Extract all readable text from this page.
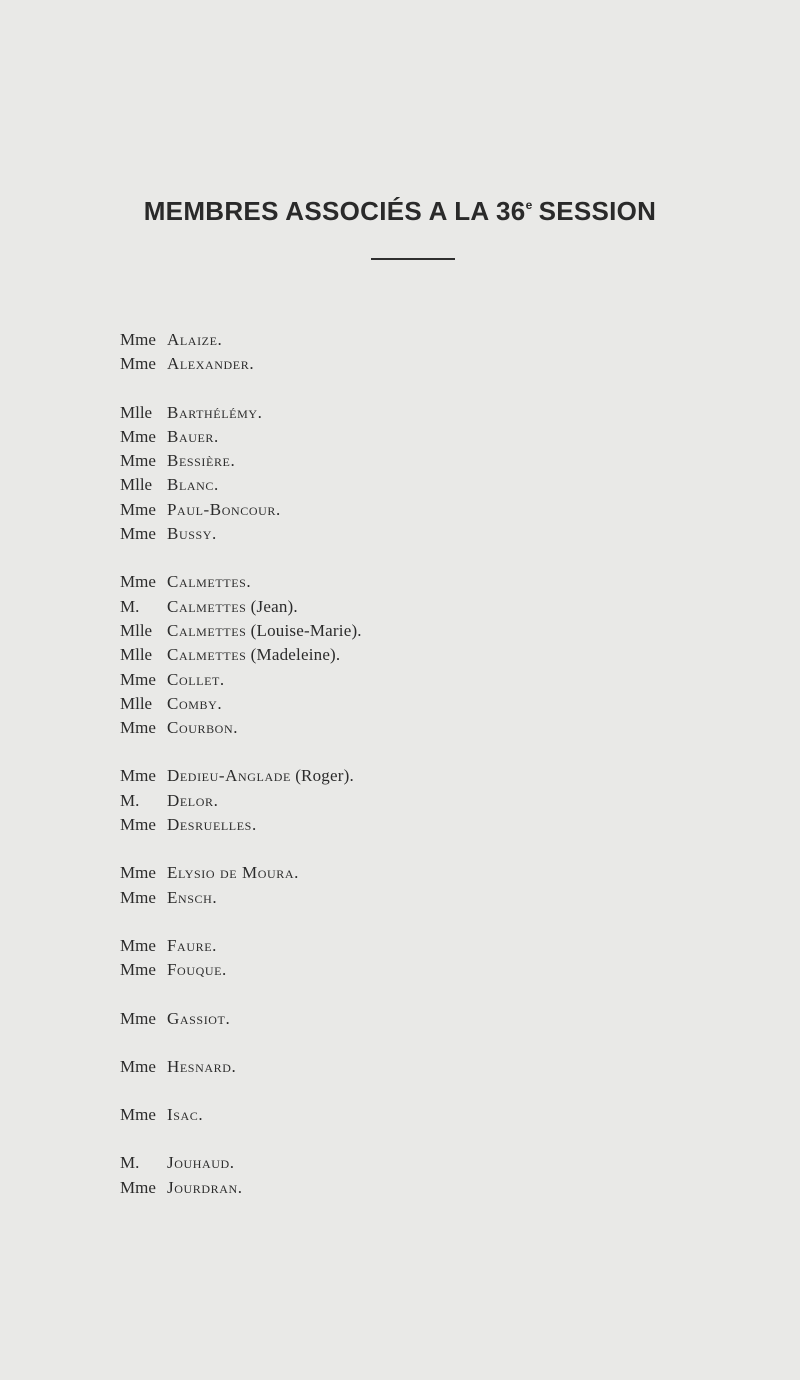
MEMBRES ASSOCIÉS A LA 36e SESSION
Mme Alaize.
Mme Alexander.
Mlle Barthélémy.
Mme Bauer.
Mme Bessière.
Mlle Blanc.
Mme Paul-Boncour.
Mme Bussy.
Mme Calmettes.
M. Calmettes (Jean).
Mlle Calmettes (Louise-Marie).
Mlle Calmettes (Madeleine).
Mme Collet.
Mlle Comby.
Mme Courbon.
Mme Dedieu-Anglade (Roger).
M. Delor.
Mme Desruelles.
Mme Elysio de Moura.
Mme Ensch.
Mme Faure.
Mme Fouque.
Mme Gassiot.
Mme Hesnard.
Mme Isac.
M. Jouhaud.
Mme Jourdran.
